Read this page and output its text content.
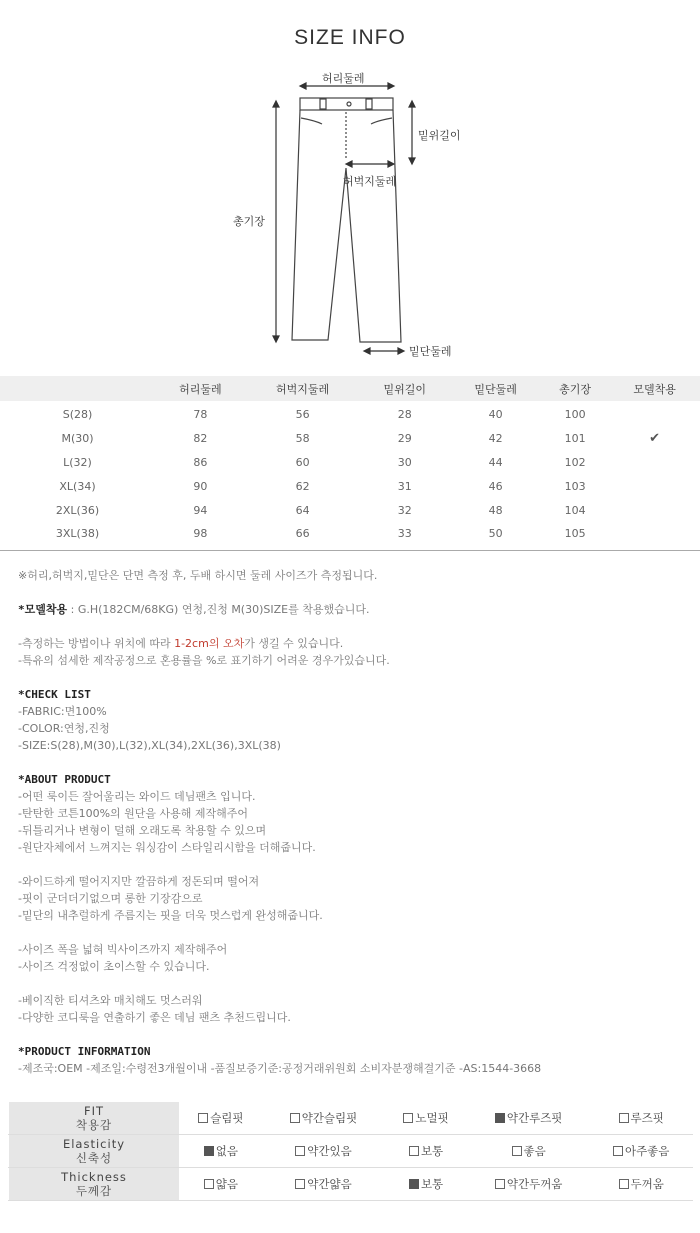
SIZE INFO
허리둘레
밑위길이
허벅지둘레
총기장
밑단둘레
	허리둘레	허벅지둘레	밑위길이	밑단둘레	총기장	모델착용
S(28)	78	56	28	40	100	
M(30)	82	58	29	42	101	✔
L(32)	86	60	30	44	102	
XL(34)	90	62	31	46	103	
2XL(36)	94	64	32	48	104	
3XL(38)	98	66	33	50	105	

※허리,허벅지,밑단은 단면 측정 후, 두배 하시면 둘레 사이즈가 측정됩니다.

*모델착용 : G.H(182CM/68KG) 연청,진청 M(30)SIZE를 착용했습니다.

-측정하는 방법이나 위치에 따라 1-2cm의 오차가 생길 수 있습니다.

-특유의 섬세한 제작공정으로 혼용률을 %로 표기하기 어려운 경우가있습니다.

*CHECK LIST

-FABRIC:면100%

-COLOR:연청,진청

-SIZE:S(28),M(30),L(32),XL(34),2XL(36),3XL(38)

*ABOUT PRODUCT

-어떤 룩이든 잘어울리는 와이드 데님팬츠 입니다.

-탄탄한 코튼100%의 원단을 사용해 제작해주어

-뒤틀리거나 변형이 덜해 오래도록 착용할 수 있으며

-원단자체에서 느껴지는 워싱감이 스타일리시함을 더해줍니다.

-와이드하게 떨어지지만 깔끔하게 정돈되며 떨어져

-핏이 군더더기없으며 롱한 기장감으로

-밑단의 내추럴하게 주름지는 핏을 더욱 멋스럽게 완성해줍니다.

-사이즈 폭을 넓혀 빅사이즈까지 제작해주어

-사이즈 걱정없이 초이스할 수 있습니다.

-베이직한 티셔츠와 매치해도 멋스러워

-다양한 코디룩을 연출하기 좋은 데님 팬츠 추천드립니다.

*PRODUCT INFORMATION

-제조국:OEM -제조일:수령전3개월이내 -품질보증기준:공정거래위원회 소비자분쟁해결기준 -AS:1544-3668

FIT
착용감	슬림핏	약간슬림핏	노멀핏	약간루즈핏	루즈핏

Elasticity
신축성	없음	약간있음	보통	좋음	아주좋음

Thickness
두께감	얇음	약간얇음	보통	약간두꺼움	두꺼움
